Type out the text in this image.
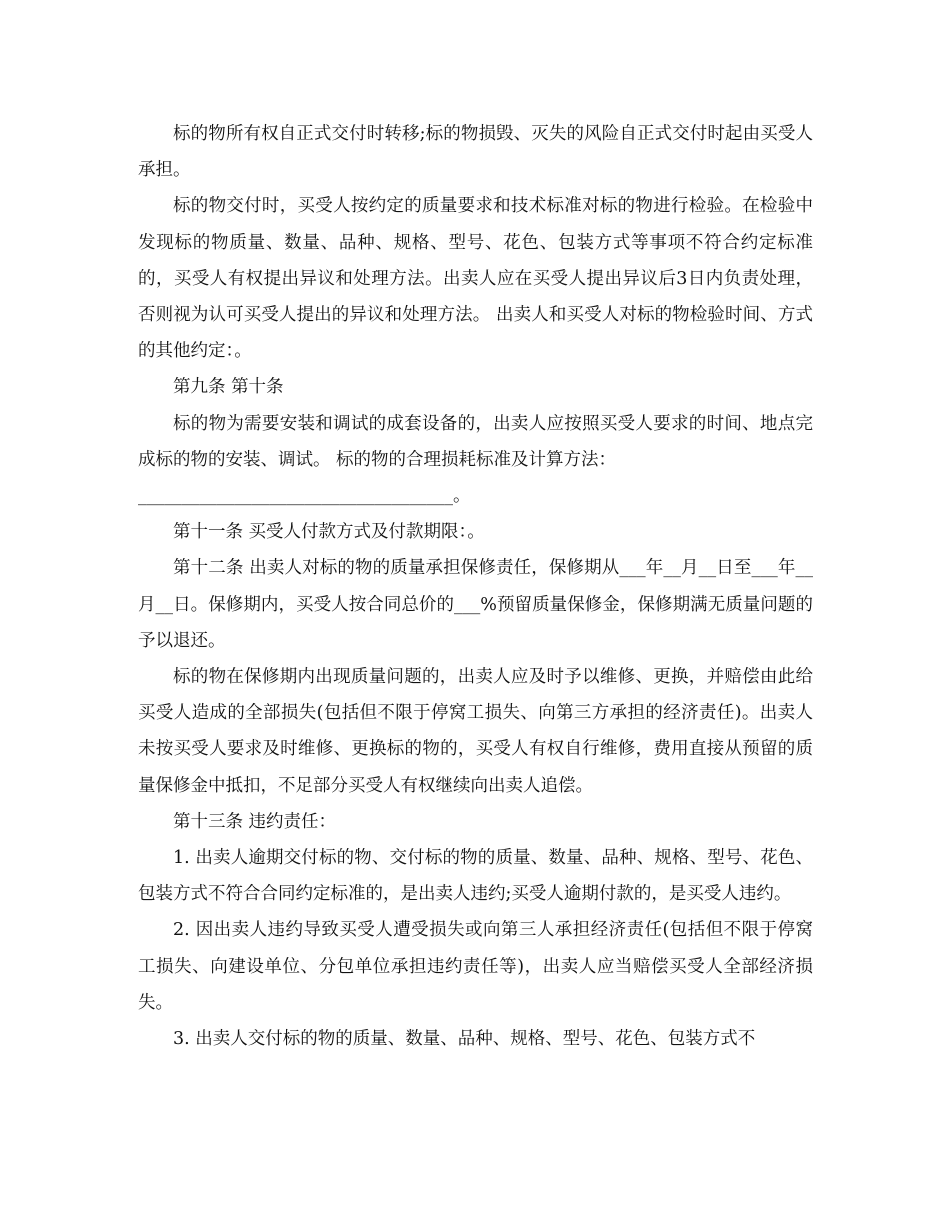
标的物所有权自正式交付时转移;标的物损毁、灭失的风险自正式交付时起由买受人承担。

标的物交付时，买受人按约定的质量要求和技术标准对标的物进行检验。在检验中发现标的物质量、数量、品种、规格、型号、花色、包装方式等事项不符合约定标准的，买受人有权提出异议和处理方法。出卖人应在买受人提出异议后3日内负责处理，否则视为认可买受人提出的异议和处理方法。 出卖人和买受人对标的物检验时间、方式的其他约定：。

第九条 第十条

标的物为需要安装和调试的成套设备的，出卖人应按照买受人要求的时间、地点完成标的物的安装、调试。 标的物的合理损耗标准及计算方法：

____________________________________。

第十一条 买受人付款方式及付款期限：。

第十二条 出卖人对标的物的质量承担保修责任，保修期从___年__月__日至___年__月__日。保修期内，买受人按合同总价的___%预留质量保修金，保修期满无质量问题的予以退还。

标的物在保修期内出现质量问题的，出卖人应及时予以维修、更换，并赔偿由此给买受人造成的全部损失(包括但不限于停窝工损失、向第三方承担的经济责任)。出卖人未按买受人要求及时维修、更换标的物的，买受人有权自行维修，费用直接从预留的质量保修金中抵扣，不足部分买受人有权继续向出卖人追偿。

第十三条 违约责任：

1. 出卖人逾期交付标的物、交付标的物的质量、数量、品种、规格、型号、花色、包装方式不符合合同约定标准的，是出卖人违约;买受人逾期付款的，是买受人违约。

2. 因出卖人违约导致买受人遭受损失或向第三人承担经济责任(包括但不限于停窝工损失、向建设单位、分包单位承担违约责任等)，出卖人应当赔偿买受人全部经济损失。

3. 出卖人交付标的物的质量、数量、品种、规格、型号、花色、包装方式不
